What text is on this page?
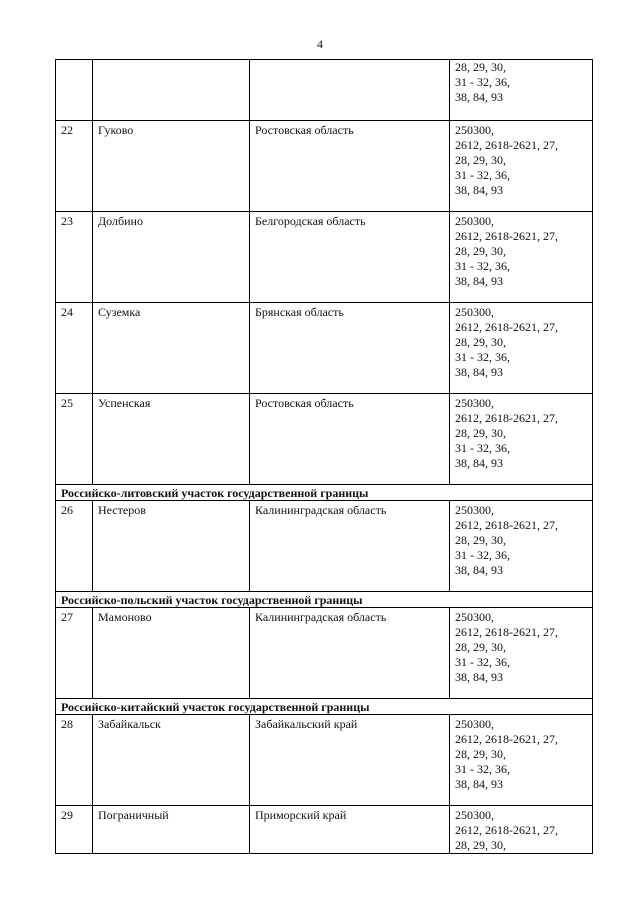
4

			28, 29, 30,
31 - 32, 36,
38, 84, 93

22	Гуково	Ростовская область	250300,
2612, 2618-2621, 27,
28, 29, 30,
31 - 32, 36,
38, 84, 93

23	Долбино	Белгородская область	250300,
2612, 2618-2621, 27,
28, 29, 30,
31 - 32, 36,
38, 84, 93

24	Суземка	Брянская область	250300,
2612, 2618-2621, 27,
28, 29, 30,
31 - 32, 36,
38, 84, 93

25	Успенская	Ростовская область	250300,
2612, 2618-2621, 27,
28, 29, 30,
31 - 32, 36,
38, 84, 93

Российско-литовский участок государственной границы			
26	Нестеров	Калининградская область	250300,
2612, 2618-2621, 27,
28, 29, 30,
31 - 32, 36,
38, 84, 93

Российско-польский участок государственной границы			
27	Мамоново	Калининградская область	250300,
2612, 2618-2621, 27,
28, 29, 30,
31 - 32, 36,
38, 84, 93

Российско-китайский участок государственной границы			
28	Забайкальск	Забайкальский край	250300,
2612, 2618-2621, 27,
28, 29, 30,
31 - 32, 36,
38, 84, 93

29	Пограничный	Приморский край	250300,
2612, 2618-2621, 27,
28, 29, 30,
